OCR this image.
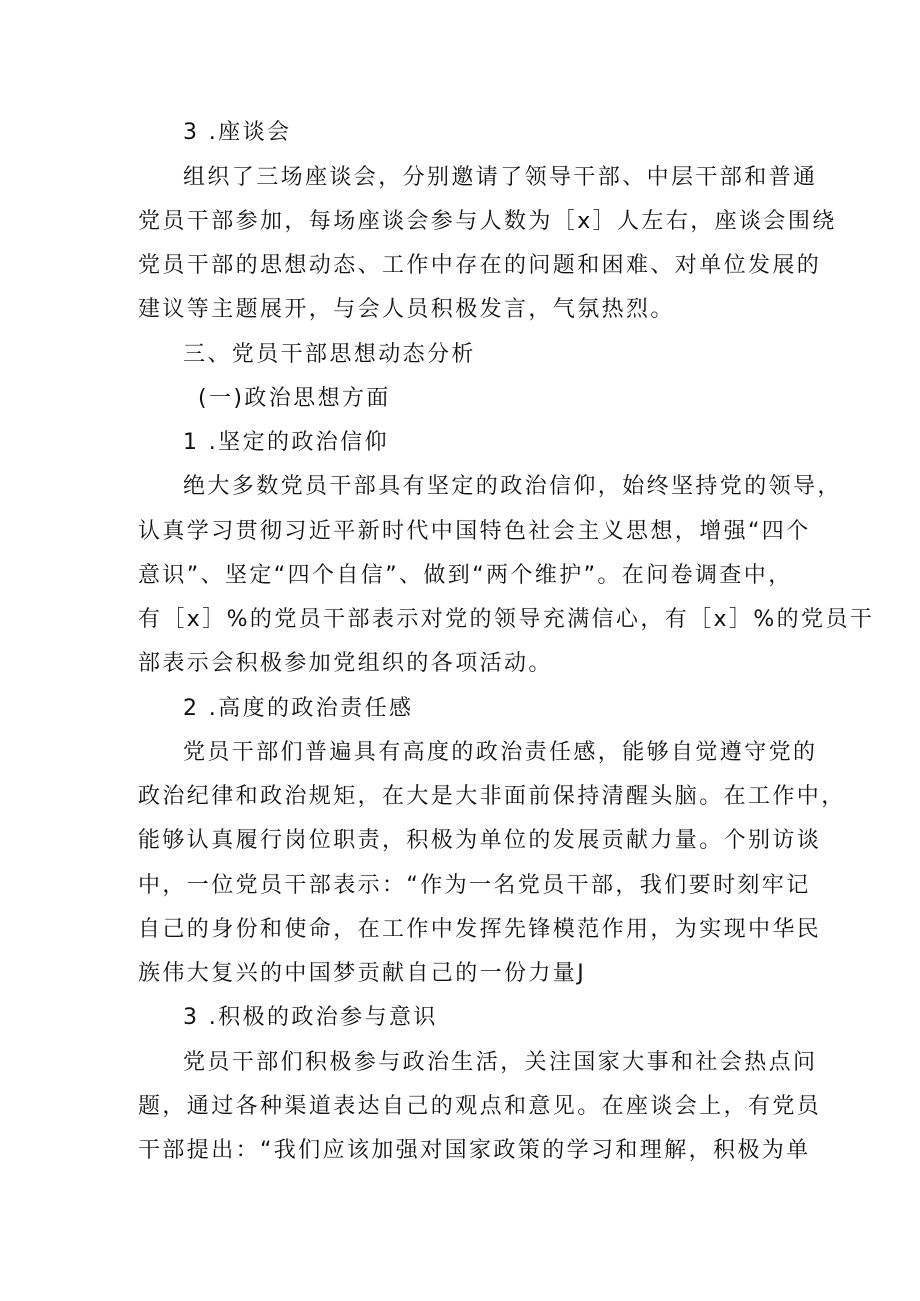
3 .座谈会
组织了三场座谈会，分别邀请了领导干部、中层干部和普通
党员干部参加，每场座谈会参与人数为［x］人左右，座谈会围绕
党员干部的思想动态、工作中存在的问题和困难、对单位发展的
建议等主题展开，与会人员积极发言，气氛热烈。
三、党员干部思想动态分析
(一)政治思想方面
1 .坚定的政治信仰
绝大多数党员干部具有坚定的政治信仰，始终坚持党的领导，
认真学习贯彻习近平新时代中国特色社会主义思想，增强“四个
意识”、坚定“四个自信”、做到“两个维护”。在问卷调查中，
有［x］%的党员干部表示对党的领导充满信心，有［x］%的党员干
部表示会积极参加党组织的各项活动。
2 .高度的政治责任感
党员干部们普遍具有高度的政治责任感，能够自觉遵守党的
政治纪律和政治规矩，在大是大非面前保持清醒头脑。在工作中，
能够认真履行岗位职责，积极为单位的发展贡献力量。个别访谈
中，一位党员干部表示：“作为一名党员干部，我们要时刻牢记
自己的身份和使命，在工作中发挥先锋模范作用，为实现中华民
族伟大复兴的中国梦贡献自己的一份力量J
3 .积极的政治参与意识
党员干部们积极参与政治生活，关注国家大事和社会热点问
题，通过各种渠道表达自己的观点和意见。在座谈会上，有党员
干部提出：“我们应该加强对国家政策的学习和理解，积极为单
